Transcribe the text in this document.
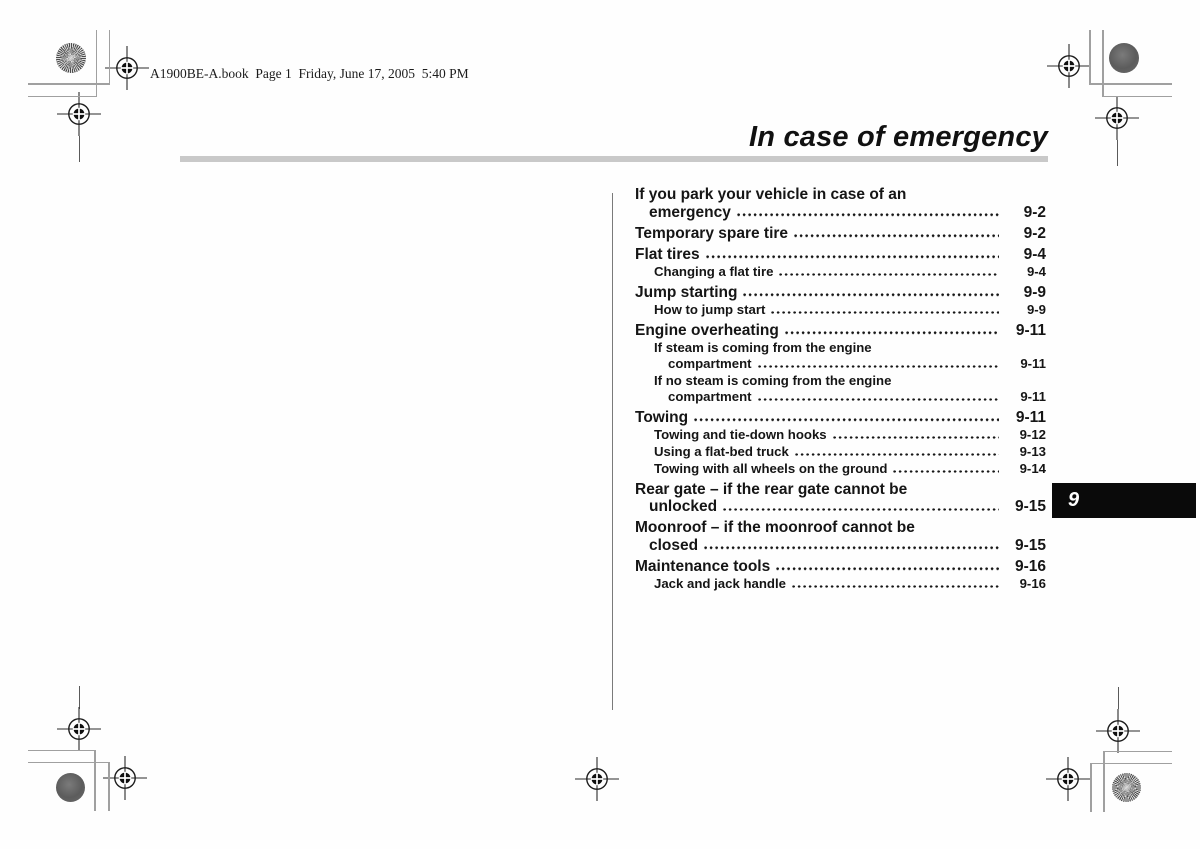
A1900BE-A.book  Page 1  Friday, June 17, 2005  5:40 PM
In case of emergency
9
If you park your vehicle in case of an
emergency	9-2
Temporary spare tire	9-2
Flat tires	9-4
Changing a flat tire	9-4
Jump starting	9-9
How to jump start	9-9
Engine overheating	9-11
If steam is coming from the engine
compartment	9-11
If no steam is coming from the engine
compartment	9-11
Towing	9-11
Towing and tie-down hooks	9-12
Using a flat-bed truck	9-13
Towing with all wheels on the ground	9-14
Rear gate – if the rear gate cannot be
unlocked	9-15
Moonroof – if the moonroof cannot be
closed	9-15
Maintenance tools	9-16
Jack and jack handle	9-16
